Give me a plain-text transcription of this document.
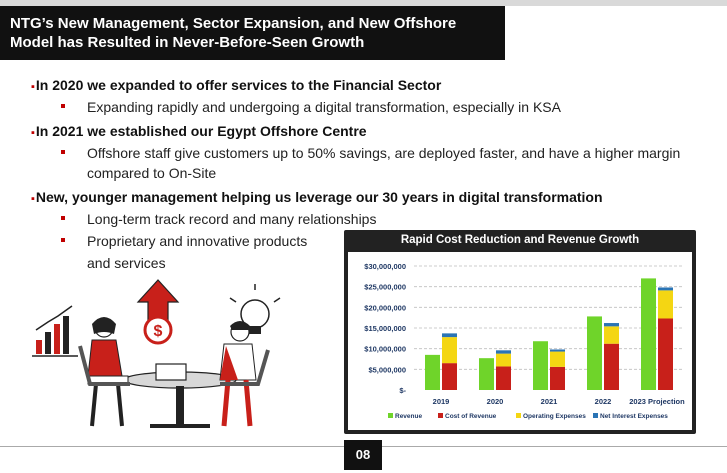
NTG’s New Management, Sector Expansion, and New Offshore
Model has Resulted in Never-Before-Seen Growth
▪In 2020 we expanded to offer services to the Financial Sector
Expanding rapidly and undergoing a digital transformation, especially in KSA
▪In 2021 we established our Egypt Offshore Centre
Offshore staff give customers up to 50% savings, are deployed faster, and have a higher margin
compared to On-Site
▪New, younger management helping us leverage our 30 years in digital transformation
Long-term track record and many relationships
Proprietary and innovative products
and services
$
Rapid Cost Reduction and Revenue Growth
$-
$5,000,000
$10,000,000
$15,000,000
$20,000,000
$25,000,000
$30,000,000
2019	2020	2021	2022 2023 Projection
Revenue	Cost of Revenue	Operating Expenses Net Interest Expenses
08
